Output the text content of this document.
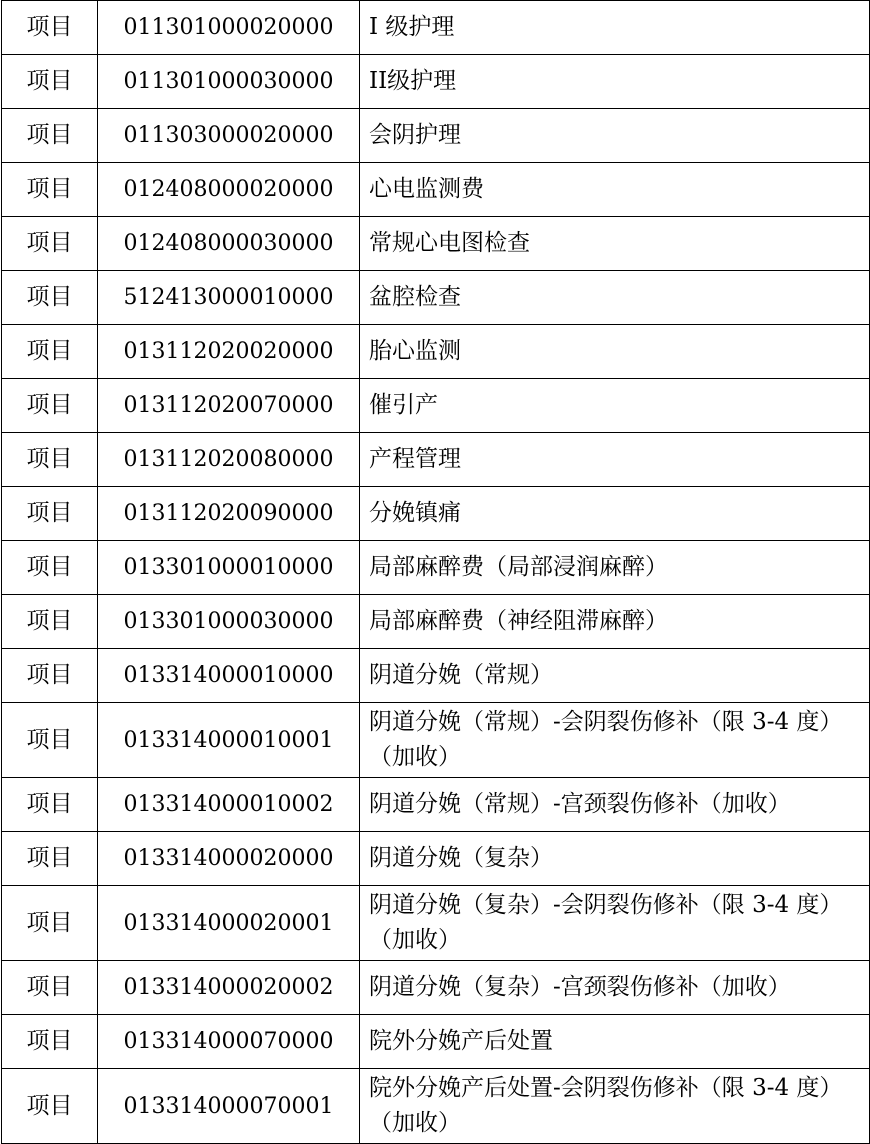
项目	011301000020000	I 级护理
项目	011301000030000	II级护理
项目	011303000020000	会阴护理
项目	012408000020000	心电监测费
项目	012408000030000	常规心电图检查
项目	512413000010000	盆腔检查
项目	013112020020000	胎心监测
项目	013112020070000	催引产
项目	013112020080000	产程管理
项目	013112020090000	分娩镇痛
项目	013301000010000	局部麻醉费（局部浸润麻醉）
项目	013301000030000	局部麻醉费（神经阻滞麻醉）
项目	013314000010000	阴道分娩（常规）
项目	013314000010001	阴道分娩（常规）-会阴裂伤修补（限 3-4 度）（加收）
项目	013314000010002	阴道分娩（常规）-宫颈裂伤修补（加收）
项目	013314000020000	阴道分娩（复杂）
项目	013314000020001	阴道分娩（复杂）-会阴裂伤修补（限 3-4 度）（加收）
项目	013314000020002	阴道分娩（复杂）-宫颈裂伤修补（加收）
项目	013314000070000	院外分娩产后处置
项目	013314000070001	院外分娩产后处置-会阴裂伤修补（限 3-4 度）（加收）
